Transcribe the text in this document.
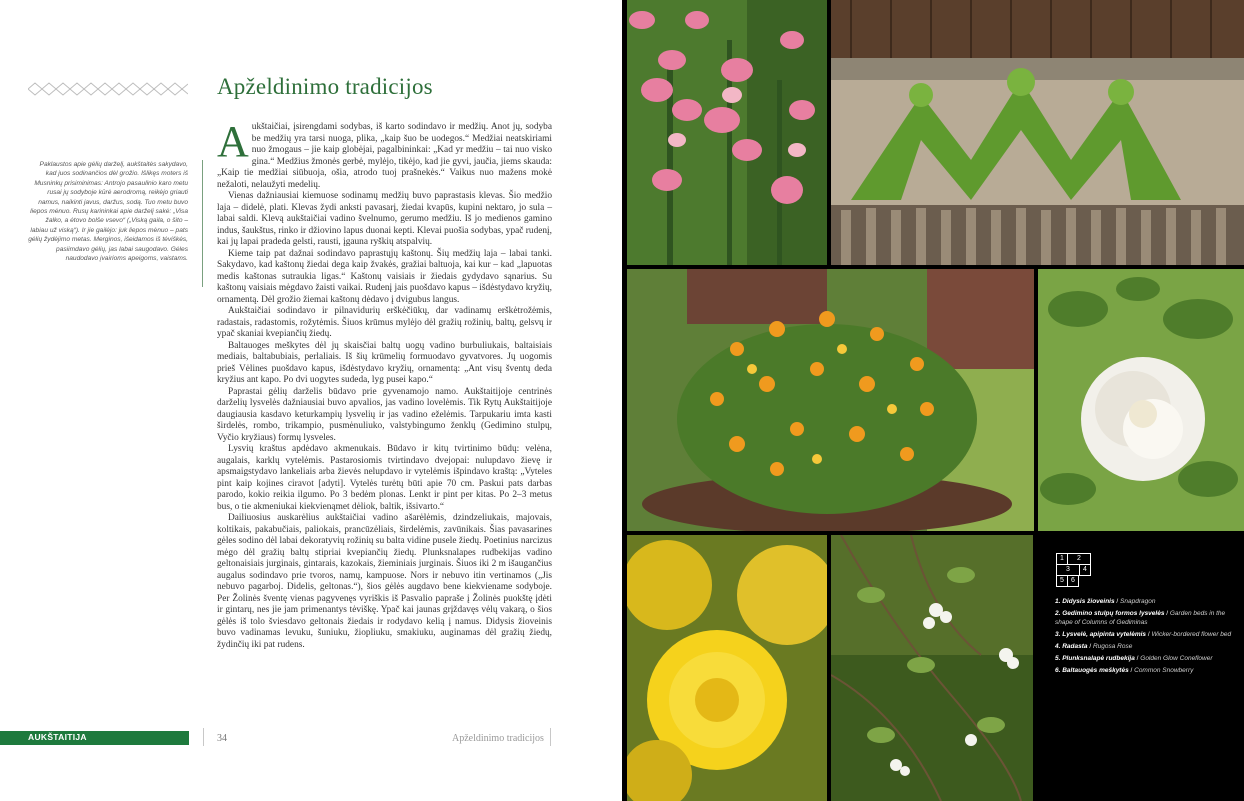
Apželdinimo tradicijos
Paklaustos apie gėlių darželį, aukštaitės sakydavo, kad juos sodinančios dėl grožio. Išlikęs moters iš Musninkų prisiminimas: Antrojo pasaulinio karo metu rusai jų sodyboje kūrė aerodromą, reikėjo griauti namus, naikinti javus, daržus, sodą. Tuo metu buvo liepos mėnuo. Rusų karininkai apie darželį sakė: „Visa žalko, a ėtovo bolše vsevo“ („Viską gaila, o šito – labiau už viską“). Ir jie gailėjo: juk liepos mėnuo – pats gėlių žydėjimo metas. Merginos, išeidamos iš tėviškės, pasiimdavo gėlių, jas labai saugodavo. Gėles naudodavo įvairioms apeigoms, vaistams.

Aukštaičiai, įsirengdami sodybas, iš karto sodindavo ir medžių. Anot jų, sodyba be medžių yra tarsi nuoga, plika, „kaip šuo be uodegos.“ Medžiai neatskiriami nuo žmogaus – jie kaip globėjai, pagalbininkai: „Kad yr medžiu – tai nuo visko gina.“ Medžius žmonės gerbė, mylėjo, tikėjo, kad jie gyvi, jaučia, jiems skauda: „Kaip tie medžiai siūbuoja, ošia, atrodo tuoj prašnekės.“ Vaikus nuo mažens mokė nežaloti, nelaužyti medelių.

Vienas dažniausiai kiemuose sodinamų medžių buvo paprastasis klevas. Šio medžio laja – didelė, plati. Klevas žydi anksti pavasarį, žiedai kvapūs, kupini nektaro, jo sula – labai saldi. Klevą aukštaičiai vadino švelnumo, gerumo medžiu. Iš jo medienos gamino indus, šaukštus, rinko ir džiovino lapus duonai kepti. Klevai puošia sodybas, ypač rudenį, kai jų lapai pradeda gelsti, rausti, įgauna ryškių atspalvių.

Kieme taip pat dažnai sodindavo paprastųjų kaštonų. Šių medžių laja – labai tanki. Sakydavo, kad kaštonų žiedai dega kaip žvakės, gražiai baltuoja, kai kur – kad „lapuotas medis kaštonas sutraukia ligas.“ Kaštonų vaisiais ir žiedais gydydavo sąnarius. Su kaštonų vaisiais mėgdavo žaisti vaikai. Rudenį jais puošdavo kapus – išdėstydavo kryžių, ornamentą. Dėl grožio žiemai kaštonų dėdavo į dvigubus langus.

Aukštaičiai sodindavo ir pilnavidurių erškėčiūkų, dar vadinamų erškėtrožėmis, radastais, radastomis, rožytėmis. Šiuos krūmus mylėjo dėl gražių rožinių, baltų, gelsvų ir ypač skaniai kvepiančių žiedų.

Baltauoges meškytes dėl jų skaisčiai baltų uogų vadino burbuliukais, baltaisiais mediais, baltabubiais, perlaliais. Iš šių krūmelių formuodavo gyvatvores. Jų uogomis prieš Vėlines puošdavo kapus, išdėstydavo kryžių, ornamentą: „Ant visų šventų deda kryžius ant kapo. Po dvi uogytes sudeda, lyg pusei kapo.“

Paprastai gėlių darželis būdavo prie gyvenamojo namo. Aukštaitijoje centrinės darželių lysvelės dažniausiai buvo apvalios, jas vadino lovelėmis. Tik Rytų Aukštaitijoje daugiausia kasdavo keturkampių lysvelių ir jas vadino eželėmis. Tarpukariu imta kasti širdelės, rombo, trikampio, pusmėnuliuko, valstybingumo ženklų (Gedimino stulpų, Vyčio kryžiaus) formų lysveles.

Lysvių kraštus apdėdavo akmenukais. Būdavo ir kitų tvirtinimo būdų: velėna, augalais, karklų vytelėmis. Pastarosiomis tvirtindavo dvejopai: nulupdavo žievę ir apsmaigstydavo lankeliais arba žievės nelupdavo ir vytelėmis išpindavo kraštą: „Vyteles pint kaip kojines ciravot [adyti]. Vytelės turėtų būti apie 70 cm. Paskui pats darbas parodo, kokio reikia ilgumo. Po 3 bedėm plonas. Lenkt ir pint per kitas. Po 2–3 metus bus, o tie akmeniukai kiekvienąmet dėliok, baltik, išsivarto.“

Dailiuosius auskarėlius aukštaičiai vadino ašarėlėmis, dzindzeliukais, majovais, koltikais, pakabučiais, paliokais, prancūzėliais, širdelėmis, zavūnikais. Šias pavasarines gėles sodino dėl labai dekoratyvių rožinių su balta vidine pusele žiedų. Poetinius narcizus mėgo dėl gražių baltų stipriai kvepiančių žiedų. Plunksnalapes rudbekijas vadino geltonaisiais jurginais, gintarais, kazokais, žieminiais jurginais. Šiuos iki 2 m išaugančius augalus sodindavo prie tvoros, namų, kampuose. Nors ir nebuvo itin vertinamos („Jis nebuvo pagarboj. Didelis, geltonas.“), šios gėlės augdavo bene kiekviename sodyboje. Per Žolinės šventę vienas pagyvenęs vyriškis iš Pasvalio papraše į Žolinės puokštę įdėti ir gintarų, nes jie jam primenantys tėviškę. Ypač kai jaunas grįždavęs vėlų vakarą, o šios gėlės iš tolo šviesdavo geltonais žiedais ir rodydavo kelią į namus. Didysis žioveinis buvo vadinamas levuku, šuniuku, žiopliuku, smakiuku, auginamas dėl gražių žiedų, žydinčių iki pat rudens.

AUKŠTAITIJA	34	Apželdinimo tradicijos
1	2
3	4
5	6
1. Didysis žioveinis / Snapdragon
2. Gedimino stulpų formos lysvelės / Garden beds in the shape of Columns of Gediminas
3. Lysvelė, apipinta vytelėmis / Wicker-bordered flower bed
4. Radasta / Rugosa Rose
5. Plunksnalapė rudbekija / Golden Glow Coneflower
6. Baltauogės meškytės / Common Snowberry
